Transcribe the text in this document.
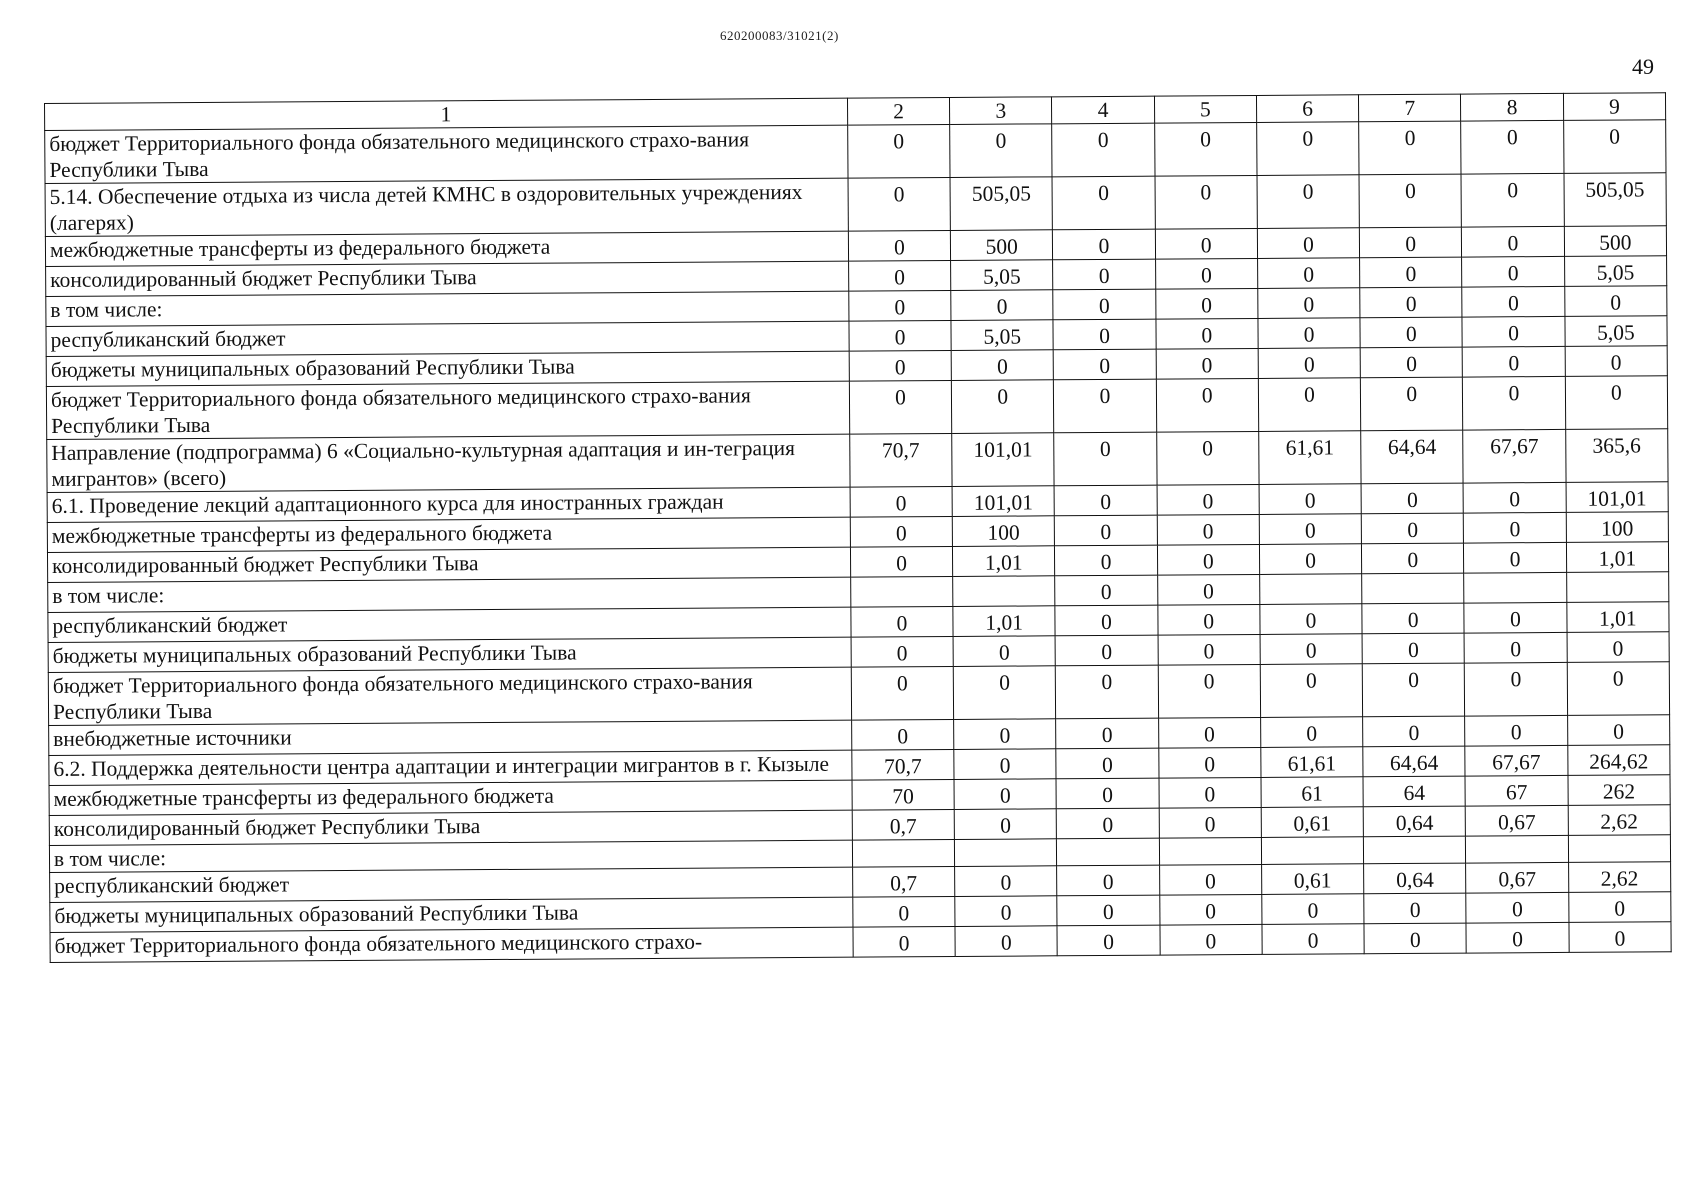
620200083/31021(2)
49
1	2	3	4	5	6	7	8	9
бюджет Территориального фонда обязательного медицинского страхо-вания Республики Тыва	0	0	0	0	0	0	0	0
5.14. Обеспечение отдыха из числа детей КМНС в оздоровительных учреждениях (лагерях)	0	505,05	0	0	0	0	0	505,05
межбюджетные трансферты из федерального бюджета	0	500	0	0	0	0	0	500
консолидированный бюджет Республики Тыва	0	5,05	0	0	0	0	0	5,05
в том числе:	0	0	0	0	0	0	0	0
республиканский бюджет	0	5,05	0	0	0	0	0	5,05
бюджеты муниципальных образований Республики Тыва	0	0	0	0	0	0	0	0
бюджет Территориального фонда обязательного медицинского страхо-вания Республики Тыва	0	0	0	0	0	0	0	0
Направление (подпрограмма) 6 «Социально-культурная адаптация и ин-теграция мигрантов» (всего)	70,7	101,01	0	0	61,61	64,64	67,67	365,6
6.1. Проведение лекций адаптационного курса для иностранных граждан	0	101,01	0	0	0	0	0	101,01
межбюджетные трансферты из федерального бюджета	0	100	0	0	0	0	0	100
консолидированный бюджет Республики Тыва	0	1,01	0	0	0	0	0	1,01
в том числе:			0	0				
республиканский бюджет	0	1,01	0	0	0	0	0	1,01
бюджеты муниципальных образований Республики Тыва	0	0	0	0	0	0	0	0
бюджет Территориального фонда обязательного медицинского страхо-вания Республики Тыва	0	0	0	0	0	0	0	0
внебюджетные источники	0	0	0	0	0	0	0	0
6.2. Поддержка деятельности центра адаптации и интеграции мигрантов в г. Кызыле	70,7	0	0	0	61,61	64,64	67,67	264,62
межбюджетные трансферты из федерального бюджета	70	0	0	0	61	64	67	262
консолидированный бюджет Республики Тыва	0,7	0	0	0	0,61	0,64	0,67	2,62
в том числе:								
республиканский бюджет	0,7	0	0	0	0,61	0,64	0,67	2,62
бюджеты муниципальных образований Республики Тыва	0	0	0	0	0	0	0	0
бюджет Территориального фонда обязательного медицинского страхо-	0	0	0	0	0	0	0	0
